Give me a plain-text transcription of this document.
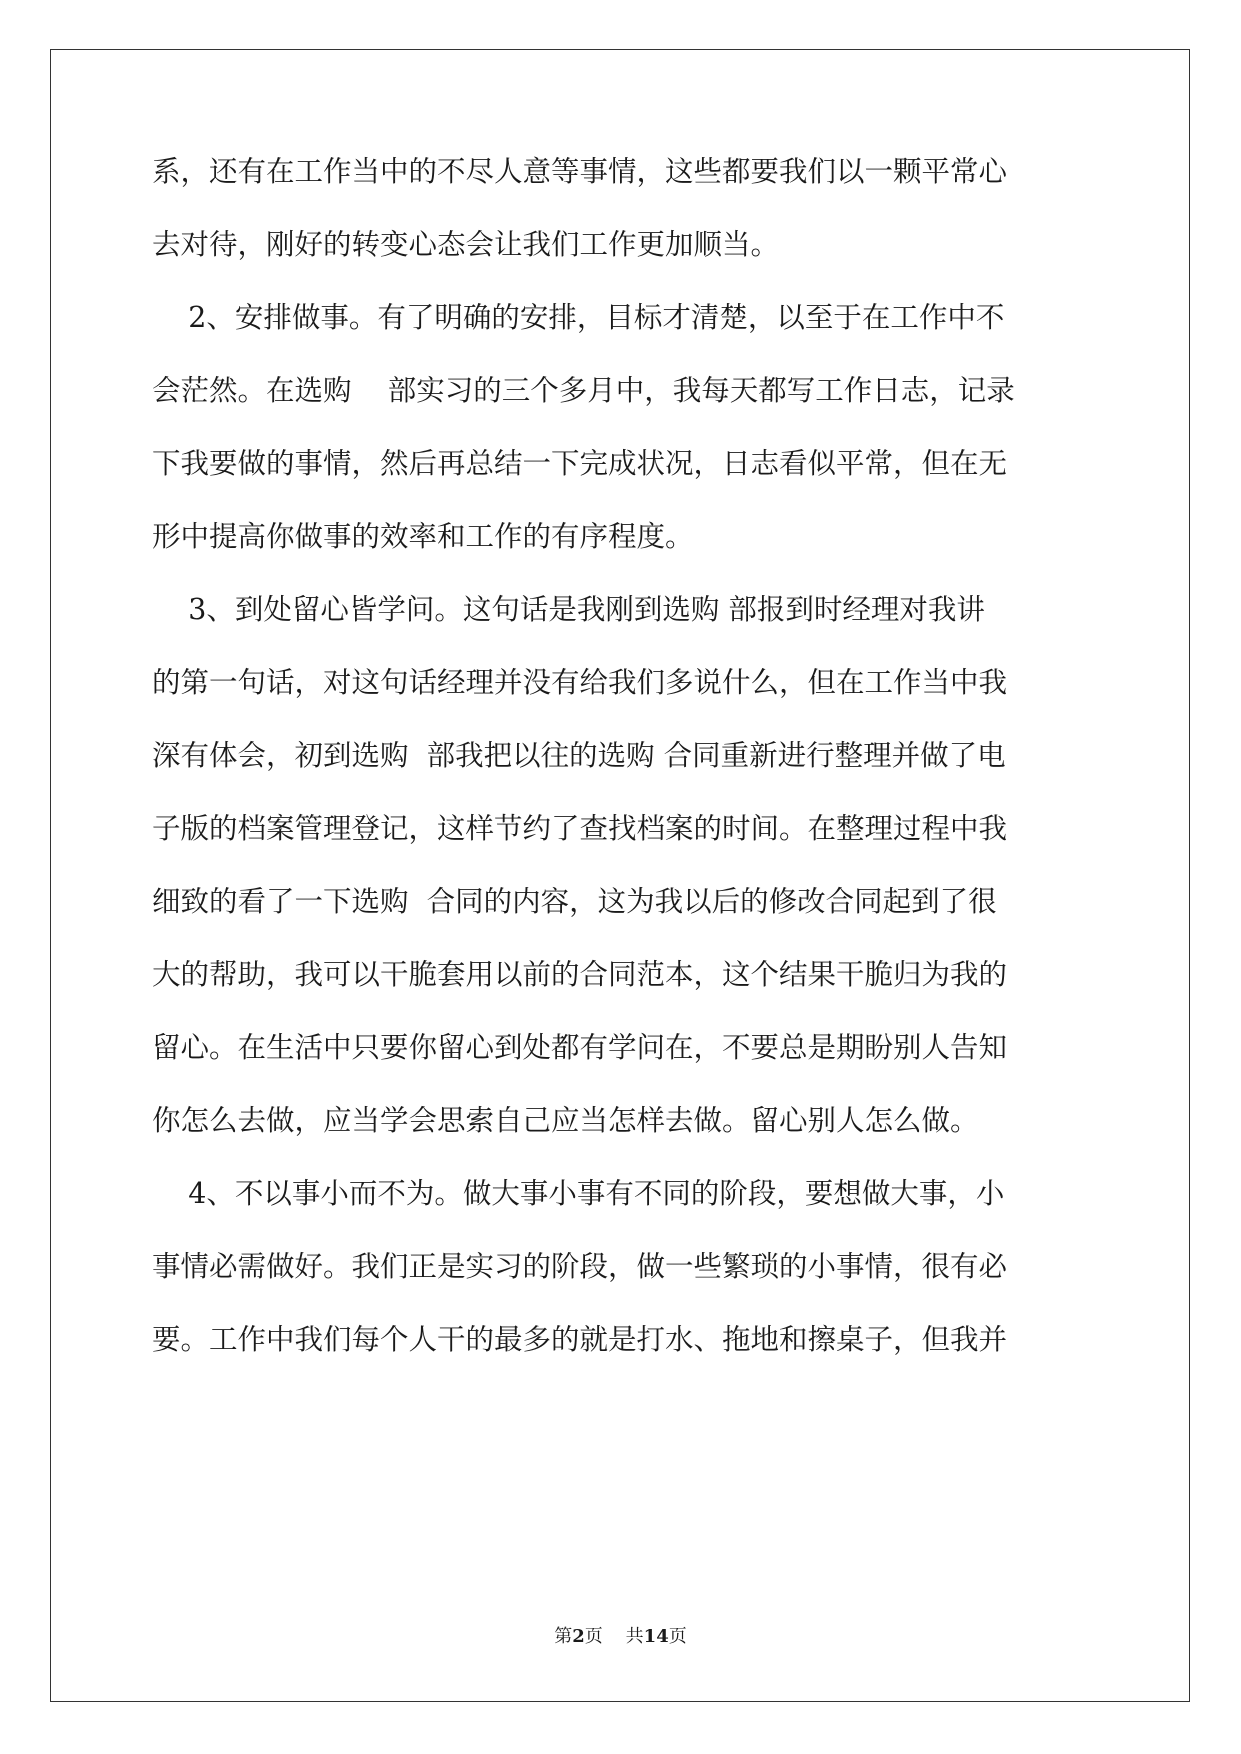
系，还有在工作当中的不尽人意等事情，这些都要我们以一颗平常心
去对待，刚好的转变心态会让我们工作更加顺当。
2、安排做事。有了明确的安排，目标才清楚，以至于在工作中不
会茫然。在选购    部实习的三个多月中，我每天都写工作日志，记录
下我要做的事情，然后再总结一下完成状况，日志看似平常，但在无
形中提高你做事的效率和工作的有序程度。
3、到处留心皆学问。这句话是我刚到选购 部报到时经理对我讲
的第一句话，对这句话经理并没有给我们多说什么，但在工作当中我
深有体会，初到选购  部我把以往的选购 合同重新进行整理并做了电
子版的档案管理登记，这样节约了查找档案的时间。在整理过程中我
细致的看了一下选购  合同的内容，这为我以后的修改合同起到了很
大的帮助，我可以干脆套用以前的合同范本，这个结果干脆归为我的
留心。在生活中只要你留心到处都有学问在，不要总是期盼别人告知
你怎么去做，应当学会思索自己应当怎样去做。留心别人怎么做。
4、不以事小而不为。做大事小事有不同的阶段，要想做大事，小
事情必需做好。我们正是实习的阶段，做一些繁琐的小事情，很有必
要。工作中我们每个人干的最多的就是打水、拖地和擦桌子，但我并
第2页    共14页
